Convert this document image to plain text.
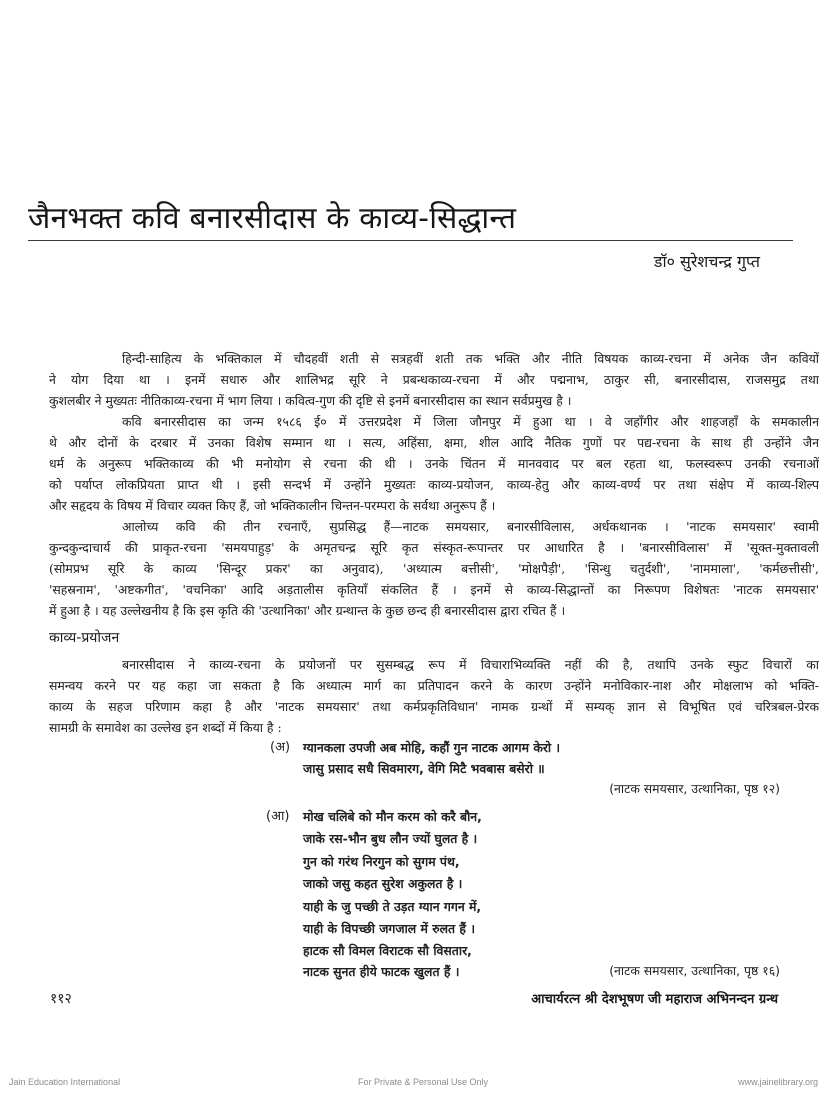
जैनभक्त कवि बनारसीदास के काव्य-सिद्धान्त
डॉ० सुरेशचन्द्र गुप्त
हिन्दी-साहित्य के भक्तिकाल में चौदहवीं शती से सत्रहवीं शती तक भक्ति और नीति विषयक काव्य-रचना में अनेक जैन कवियों
ने योग दिया था । इनमें सधारु और शालिभद्र सूरि ने प्रबन्धकाव्य-रचना में और पद्मनाभ, ठाकुर सी, बनारसीदास, राजसमुद्र तथा
कुशलबीर ने मुख्यतः नीतिकाव्य-रचना में भाग लिया । कवित्व-गुण की दृष्टि से इनमें बनारसीदास का स्थान सर्वप्रमुख है ।
कवि बनारसीदास का जन्म १५८६ ई० में उत्तरप्रदेश में जिला जौनपुर में हुआ था । वे जहाँगीर और शाहजहाँ के समकालीन
थे और दोनों के दरबार में उनका विशेष सम्मान था । सत्य, अहिंसा, क्षमा, शील आदि नैतिक गुणों पर पद्य-रचना के साथ ही उन्होंने जैन
धर्म के अनुरूप भक्तिकाव्य की भी मनोयोग से रचना की थी । उनके चिंतन में मानववाद पर बल रहता था, फलस्वरूप उनकी रचनाओं
को पर्याप्त लोकप्रियता प्राप्त थी । इसी सन्दर्भ में उन्होंने मुख्यतः काव्य-प्रयोजन, काव्य-हेतु और काव्य-वर्ण्य पर तथा संक्षेप में काव्य-शिल्प
और सहृदय के विषय में विचार व्यक्त किए हैं, जो भक्तिकालीन चिन्तन-परम्परा के सर्वथा अनुरूप हैं ।
आलोच्य कवि की तीन रचनाएँ, सुप्रसिद्ध हैं—नाटक समयसार, बनारसीविलास, अर्धकथानक । 'नाटक समयसार' स्वामी
कुन्दकुन्दाचार्य की प्राकृत-रचना 'समयपाहुड़' के अमृतचन्द्र सूरि कृत संस्कृत-रूपान्तर पर आधारित है । 'बनारसीविलास' में 'सूक्त-मुक्तावली
(सोमप्रभ सूरि के काव्य 'सिन्दूर प्रकर' का अनुवाद), 'अध्यात्म बत्तीसी', 'मोक्षपैड़ी', 'सिन्धु चतुर्दशी', 'नाममाला', 'कर्मछत्तीसी',
'सहस्रनाम', 'अष्टकगीत', 'वचनिका' आदि अड़तालीस कृतियाँ संकलित हैं । इनमें से काव्य-सिद्धान्तों का निरूपण विशेषतः 'नाटक समयसार'
में हुआ है । यह उल्लेखनीय है कि इस कृति की 'उत्थानिका' और ग्रन्थान्त के कुछ छन्द ही बनारसीदास द्वारा रचित हैं ।
काव्य-प्रयोजन
बनारसीदास ने काव्य-रचना के प्रयोजनों पर सुसम्बद्ध रूप में विचाराभिव्यक्ति नहीं की है, तथापि उनके स्फुट विचारों का
समन्वय करने पर यह कहा जा सकता है कि अध्यात्म मार्ग का प्रतिपादन करने के कारण उन्होंने मनोविकार-नाश और मोक्षलाभ को भक्ति-
काव्य के सहज परिणाम कहा है और 'नाटक समयसार' तथा कर्मप्रकृतिविधान' नामक ग्रन्थों में सम्यक् ज्ञान से विभूषित एवं चरित्रबल-प्रेरक
सामग्री के समावेश का उल्लेख इन शब्दों में किया है :
(अ) ग्यानकला उपजी अब मोहि, कहौं गुन नाटक आगम केरो ।
जासु प्रसाद सधै सिवमारग, वेगि मिटै भवबास बसेरो ॥
(नाटक समयसार, उत्थानिका, पृष्ठ १२)
(आ) मोख चलिबे को मौन करम को करै बौन,
जाके रस-भौन बुध लौन ज्यों घुलत है ।
गुन को गरंथ निरगुन को सुगम पंथ,
जाको जसु कहत सुरेश अकुलत है ।
याही के जु पच्छी ते उड़त ग्यान गगन में,
याही के विपच्छी जगजाल में रुलत हैं ।
हाटक सौ विमल विराटक सौ विसतार,
नाटक सुनत हीये फाटक खुलत हैं ।	(नाटक समयसार, उत्थानिका, पृष्ठ १६)
११२	आचार्यरत्न श्री देशभूषण जी महाराज अभिनन्दन ग्रन्थ
Jain Education International	For Private & Personal Use Only	www.jainelibrary.org
